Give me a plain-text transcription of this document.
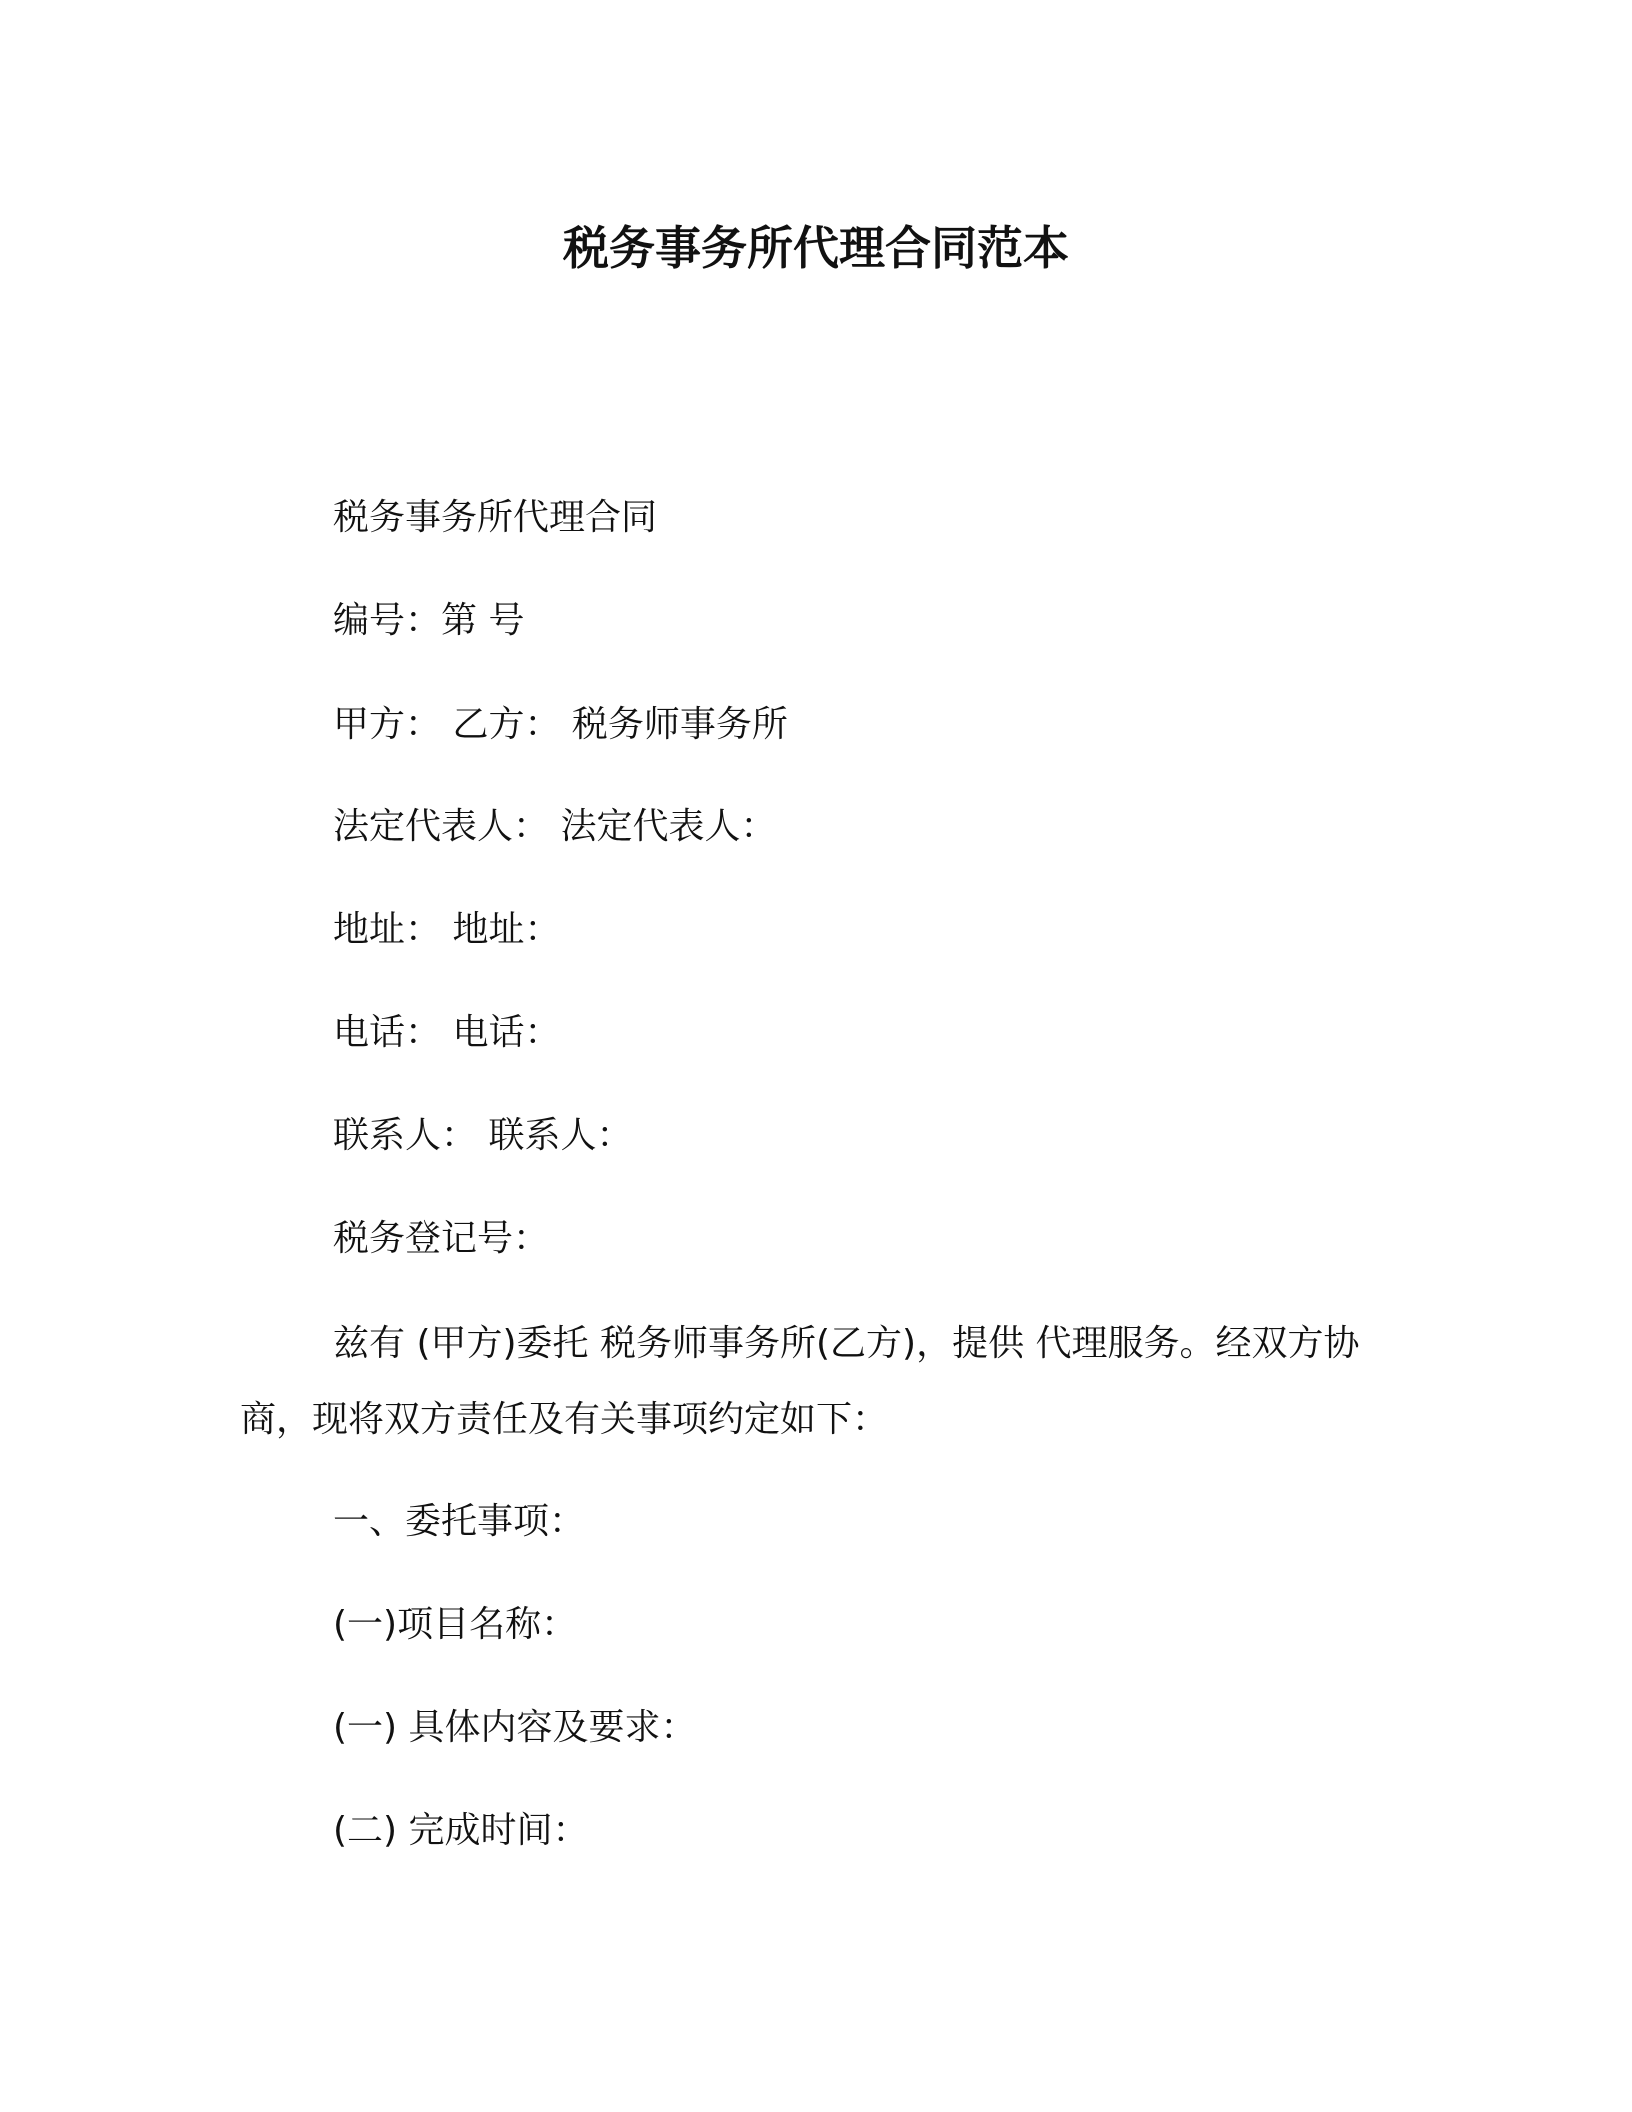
税务事务所代理合同范本

税务事务所代理合同

编号：第 号

甲方： 乙方： 税务师事务所

法定代表人： 法定代表人：

地址： 地址：

电话： 电话：

联系人： 联系人：

税务登记号：

兹有 (甲方)委托 税务师事务所(乙方)，提供 代理服务。经双方协商，现将双方责任及有关事项约定如下：

一、委托事项：

(一)项目名称：

(一) 具体内容及要求：

(二) 完成时间：
